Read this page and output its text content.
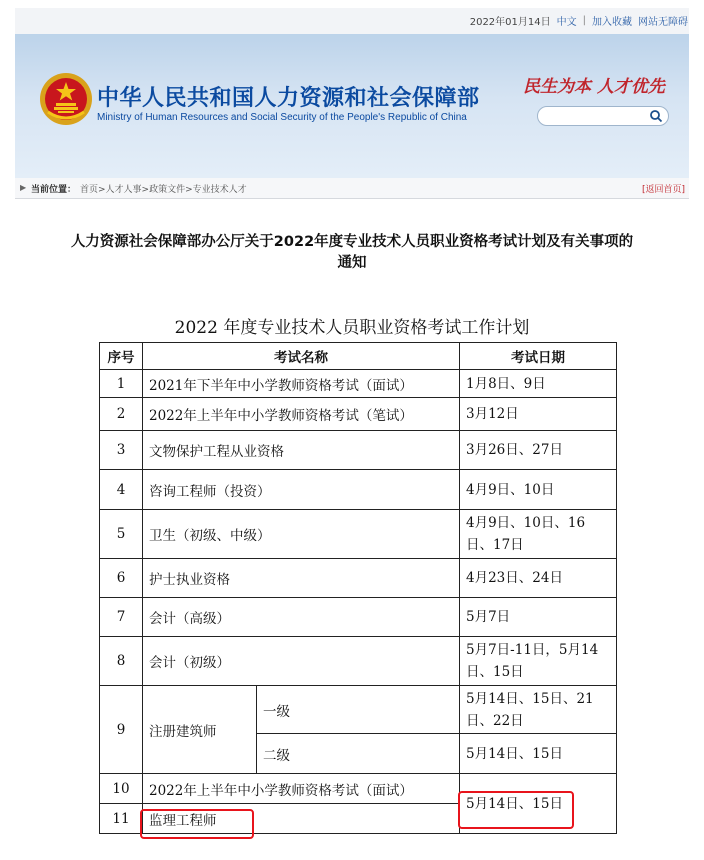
2022年01月14日 中文 | 加入收藏 网站无障碍
中华人民共和国人力资源和社会保障部
Ministry of Human Resources and Social Security of the People's Republic of China
民生为本 人才优先
▶ 当前位置： 首页>人才人事>政策文件>专业技术人才	[返回首页]
人力资源社会保障部办公厅关于2022年度专业技术人员职业资格考试计划及有关事项的
通知
2022 年度专业技术人员职业资格考试工作计划
序号	考试名称		考试日期
1	2021年下半年中小学教师资格考试（面试）		1月8日、9日
2	2022年上半年中小学教师资格考试（笔试）		3月12日
3	文物保护工程从业资格		3月26日、27日
4	咨询工程师（投资）		4月9日、10日
5	卫生（初级、中级）		4月9日、10日、16日、17日
6	护士执业资格		4月23日、24日
7	会计（高级）		5月7日
8	会计（初级）		5月7日-11日，5月14日、15日
9	注册建筑师	一级	5月14日、15日、21日、22日
		二级	5月14日、15日
10	2022年上半年中小学教师资格考试（面试）		5月14日、15日
11	监理工程师		
